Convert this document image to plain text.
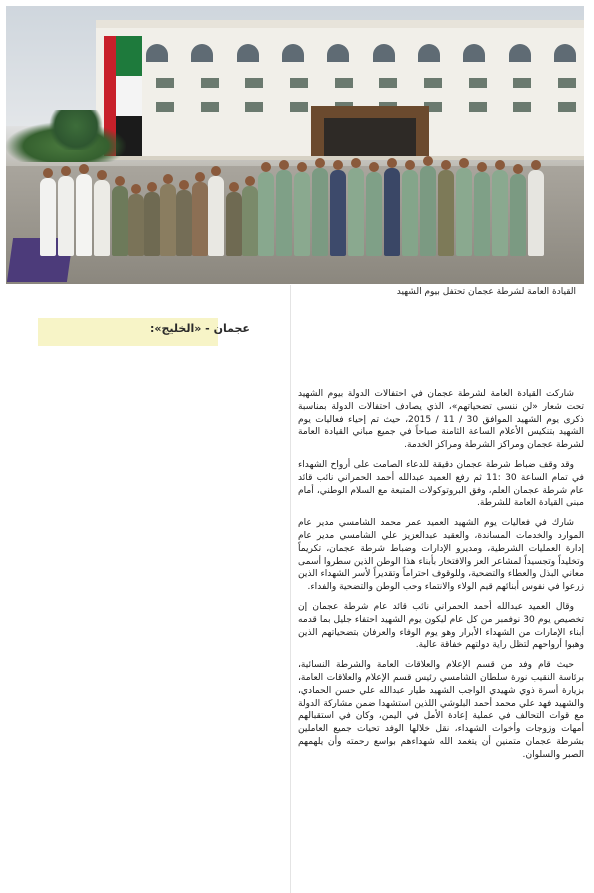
القيادة العامة لشرطة عجمان تحتفل بيوم الشهيد
عجمان - «الخليج»:

شاركت القيادة العامة لشرطة عجمان في احتفالات الدولة بيوم الشهيد تحت شعار «لن ننسى تضحياتهم»، الذي يصادف احتفالات الدولة بمناسبة ذكرى يوم الشهيد الموافق 30 / 11 / 2015، حيث تم إحياء فعاليات يوم الشهيد بتنكيس الأعلام الساعة الثامنة صباحاً في جميع مباني القيادة العامة لشرطة عجمان ومراكز الشرطة ومراكز الخدمة.

وقد وقف ضباط شرطة عجمان دقيقة للدعاء الصامت على أرواح الشهداء في تمام الساعة 30 :11 ثم رفع العميد عبدالله أحمد الحمراني نائب قائد عام شرطة عجمان العلم، وفق البروتوكولات المتبعة مع السلام الوطني، أمام مبنى القيادة العامة للشرطة.

شارك في فعاليات يوم الشهيد العميد عمر محمد الشامسي مدير عام الموارد والخدمات المساندة، والعقيد عبدالعزيز علي الشامسي مدير عام إدارة العمليات الشرطية، ومديرو الإدارات وضباط شرطة عجمان، تكريماً وتخليداً وتجسيداً لمشاعر العز والافتخار بأبناء هذا الوطن الذين سطروا أسمى معاني البذل والعطاء والتضحية، وللوقوف احتراماً وتقديراً لأسر الشهداء الذين زرعوا في نفوس أبنائهم قيم الولاء والانتماء وحب الوطن والتضحية والفداء.

وقال العميد عبدالله أحمد الحمراني نائب قائد عام شرطة عجمان إن تخصيص يوم 30 نوفمبر من كل عام ليكون يوم الشهيد احتفاء جليل بما قدمه أبناء الإمارات من الشهداء الأبرار وهو يوم الوفاء والعرفان بتضحياتهم الذين وهبوا أرواحهم لتظل راية دولتهم خفاقة عالية.

حيث قام وفد من قسم الإعلام والعلاقات العامة والشرطة النسائية، برئاسة النقيب نورة سلطان الشامسي رئيس قسم الإعلام والعلاقات العامة، بزيارة أسرة ذوي شهيدي الواجب الشهيد طيار عبدالله علي حسن الحمادي، والشهيد فهد علي محمد أحمد البلوشي اللذين استشهدا ضمن مشاركة الدولة مع قوات التحالف في عملية إعادة الأمل في اليمن، وكان في استقبالهم أمهات وزوجات وأخوات الشهداء، نقل خلالها الوفد تحيات جميع العاملين بشرطة عجمان متمنين أن يتغمد الله شهداءهم بواسع رحمته وأن يلهمهم الصبر والسلوان.
